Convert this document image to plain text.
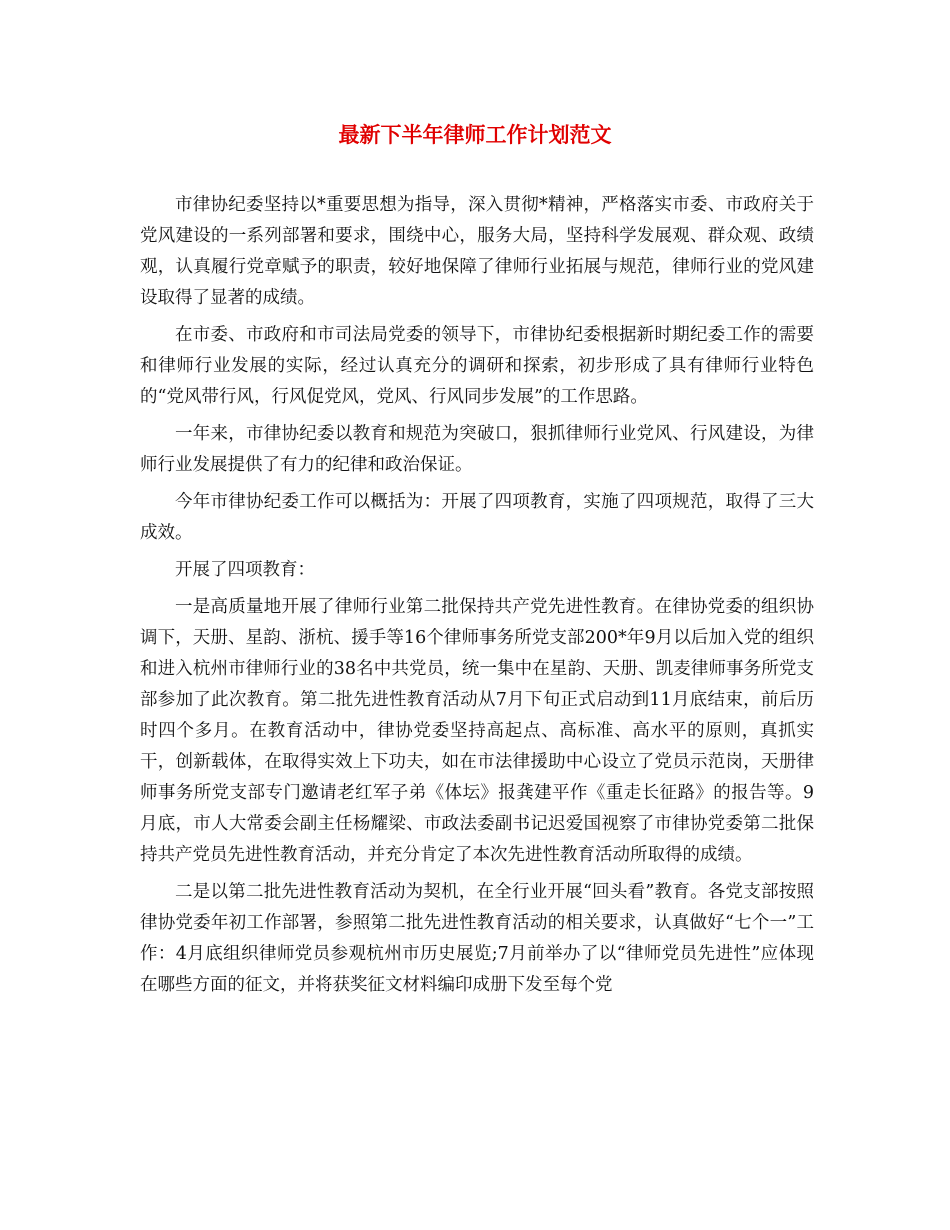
最新下半年律师工作计划范文

市律协纪委坚持以*重要思想为指导，深入贯彻*精神，严格落实市委、市政府关于党风建设的一系列部署和要求，围绕中心，服务大局，坚持科学发展观、群众观、政绩观，认真履行党章赋予的职责，较好地保障了律师行业拓展与规范，律师行业的党风建设取得了显著的成绩。

在市委、市政府和市司法局党委的领导下，市律协纪委根据新时期纪委工作的需要和律师行业发展的实际，经过认真充分的调研和探索，初步形成了具有律师行业特色的“党风带行风，行风促党风，党风、行风同步发展”的工作思路。

一年来，市律协纪委以教育和规范为突破口，狠抓律师行业党风、行风建设，为律师行业发展提供了有力的纪律和政治保证。

今年市律协纪委工作可以概括为：开展了四项教育，实施了四项规范，取得了三大成效。

开展了四项教育：

一是高质量地开展了律师行业第二批保持共产党先进性教育。在律协党委的组织协调下，天册、星韵、浙杭、援手等16个律师事务所党支部200*年9月以后加入党的组织和进入杭州市律师行业的38名中共党员，统一集中在星韵、天册、凯麦律师事务所党支部参加了此次教育。第二批先进性教育活动从7月下旬正式启动到11月底结束，前后历时四个多月。在教育活动中，律协党委坚持高起点、高标准、高水平的原则，真抓实干，创新载体，在取得实效上下功夫，如在市法律援助中心设立了党员示范岗，天册律师事务所党支部专门邀请老红军子弟《体坛》报龚建平作《重走长征路》的报告等。9月底，市人大常委会副主任杨耀梁、市政法委副书记迟爱国视察了市律协党委第二批保持共产党员先进性教育活动，并充分肯定了本次先进性教育活动所取得的成绩。

二是以第二批先进性教育活动为契机，在全行业开展“回头看”教育。各党支部按照律协党委年初工作部署，参照第二批先进性教育活动的相关要求，认真做好“七个一”工作：4月底组织律师党员参观杭州市历史展览;7月前举办了以“律师党员先进性”应体现在哪些方面的征文，并将获奖征文材料编印成册下发至每个党
